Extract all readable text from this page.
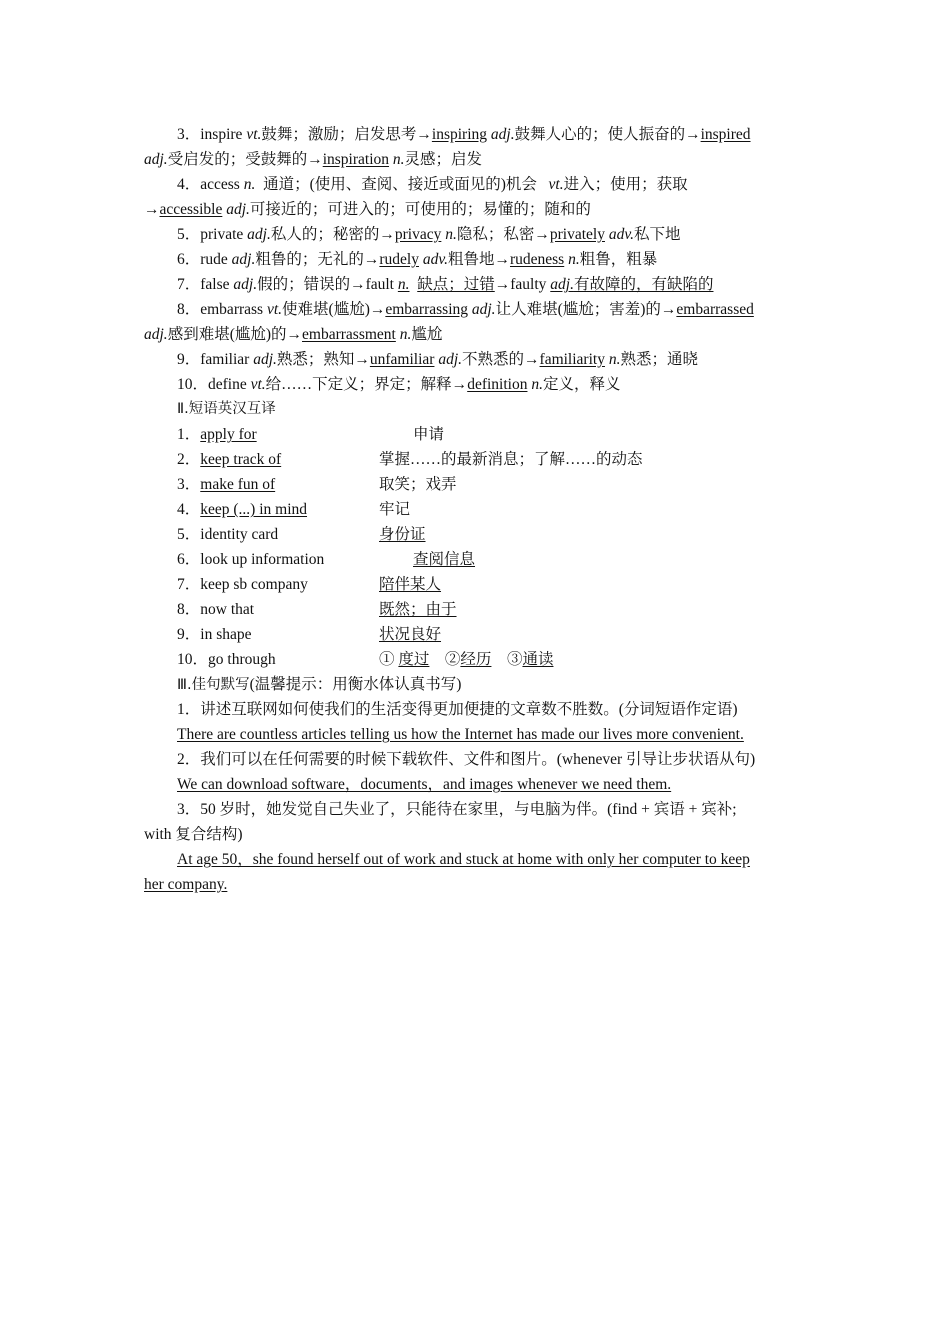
3．inspire vt.鼓舞；激励；启发思考→inspiring adj.鼓舞人心的；使人振奋的→inspired
adj.受启发的；受鼓舞的→inspiration n.灵感；启发
4．access n. 通道；(使用、查阅、接近或面见的)机会 vt.进入；使用；获取
→accessible adj.可接近的；可进入的；可使用的；易懂的；随和的
5．private adj.私人的；秘密的→privacy n.隐私；私密→privately adv.私下地
6．rude adj.粗鲁的；无礼的→rudely adv.粗鲁地→rudeness n.粗鲁，粗暴
7．false adj.假的；错误的→fault n. 缺点；过错→faulty adj.有故障的，有缺陷的
8．embarrass vt.使难堪(尴尬)→embarrassing adj.让人难堪(尴尬；害羞)的→embarrassed
adj.感到难堪(尴尬)的→embarrassment n.尴尬
9．familiar adj.熟悉；熟知→unfamiliar adj.不熟悉的→familiarity n.熟悉；通晓
10．define vt.给……下定义；界定；解释→definition n.定义，释义
Ⅱ.短语英汉互译
1．apply for	申请
2．keep track of	掌握……的最新消息；了解……的动态
3．make fun of	取笑；戏弄
4．keep (...) in mind	牢记
5．identity card	身份证
6．look up information	查阅信息
7．keep sb company	陪伴某人
8．now that	既然；由于
9．in shape	状况良好
10．go through	① 度过 ②经历 ③通读
Ⅲ.佳句默写(温馨提示：用衡水体认真书写)
1．讲述互联网如何使我们的生活变得更加便捷的文章数不胜数。(分词短语作定语)
There are countless articles telling us how the Internet has made our lives more convenient.
2．我们可以在任何需要的时候下载软件、文件和图片。(whenever 引导让步状语从句)
We can download software，documents，and images whenever we need them.
3．50 岁时，她发觉自己失业了，只能待在家里，与电脑为伴。(find + 宾语 + 宾补;
with 复合结构)
At age 50，she found herself out of work and stuck at home with only her computer to keep
her company.
